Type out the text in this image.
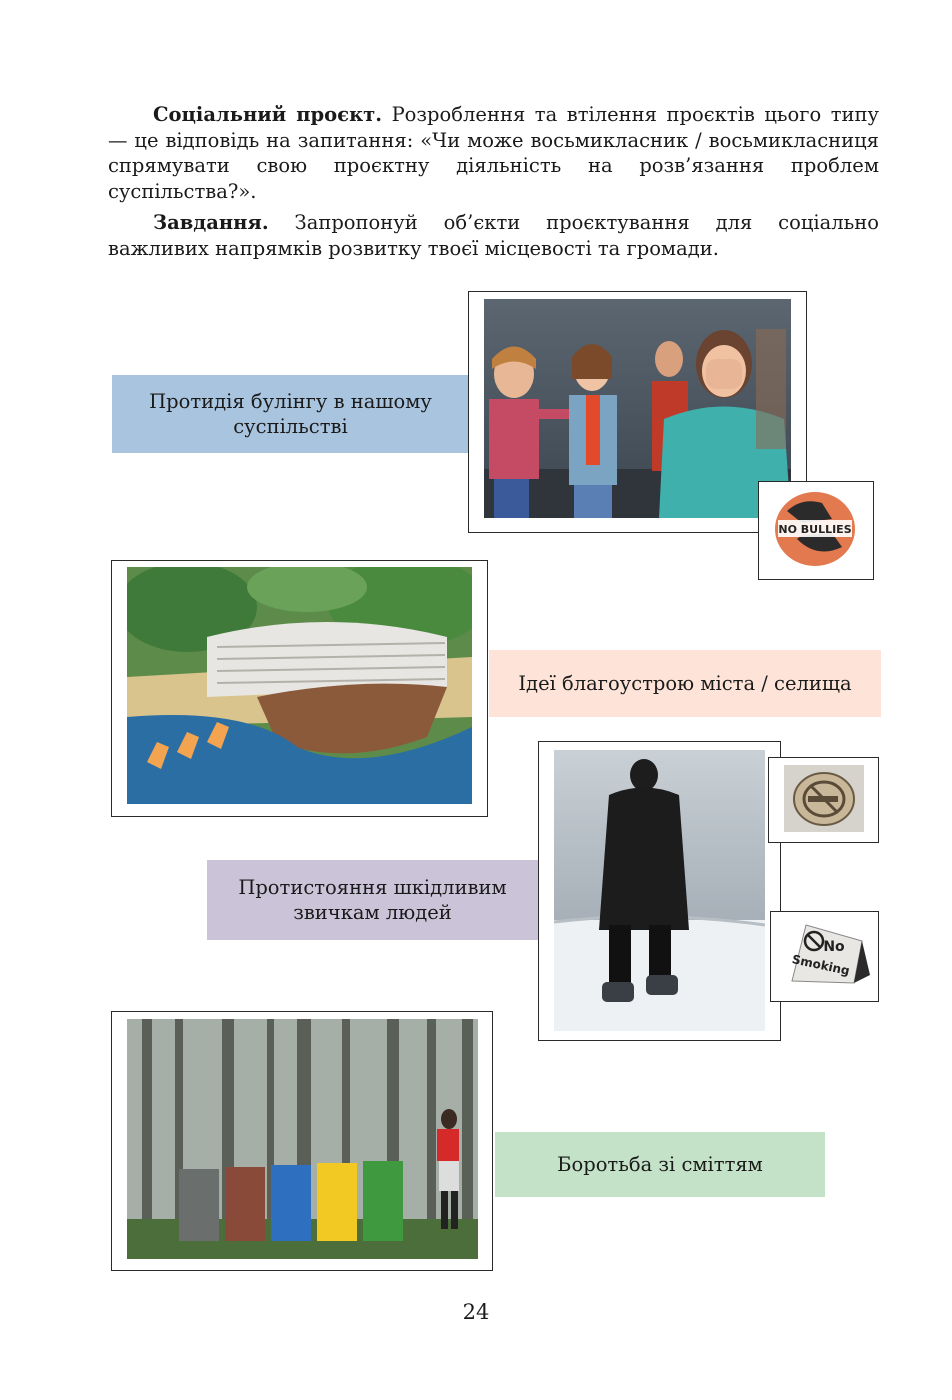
Соціальний проєкт. Розроблення та втілення проєктів цього типу — це відповідь на запитання: «Чи може восьмикласник / восьмикласниця спрямувати свою проєктну діяльність на розв’язання проблем суспільства?».

Завдання. Запропонуй об’єкти проєктування для соціально важливих напрямків розвитку твоєї місцевості та громади.

Протидія булінгу в нашому
суспільстві
NO BULLIES
Ідеї благоустрою міста / селища
Протистояння шкідливим
звичкам людей
No
Smoking
Боротьба зі сміттям
24
